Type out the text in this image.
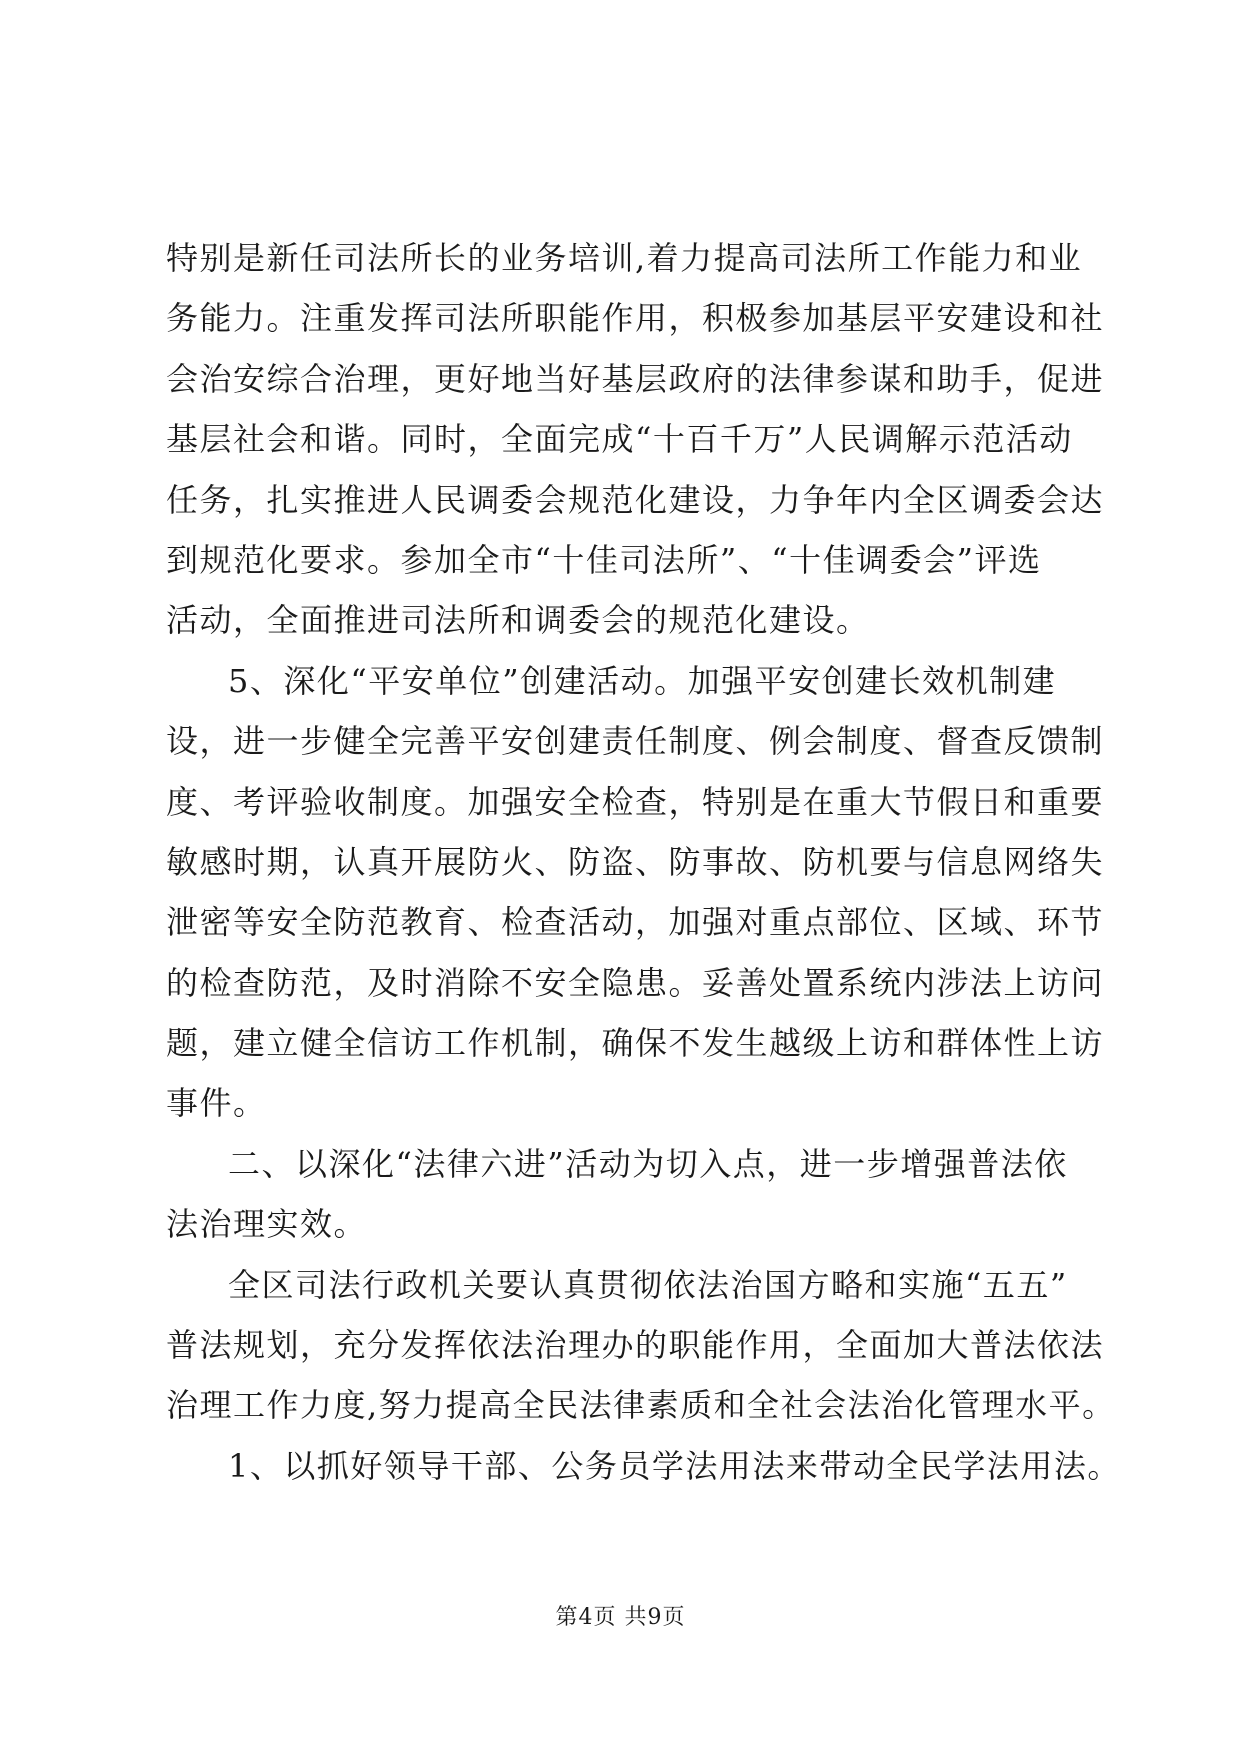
特别是新任司法所长的业务培训,着力提高司法所工作能力和业
务能力。注重发挥司法所职能作用，积极参加基层平安建设和社
会治安综合治理，更好地当好基层政府的法律参谋和助手，促进
基层社会和谐。同时，全面完成“十百千万”人民调解示范活动
任务，扎实推进人民调委会规范化建设，力争年内全区调委会达
到规范化要求。参加全市“十佳司法所”、“十佳调委会”评选
活动，全面推进司法所和调委会的规范化建设。
5、深化“平安单位”创建活动。加强平安创建长效机制建
设，进一步健全完善平安创建责任制度、例会制度、督查反馈制
度、考评验收制度。加强安全检查，特别是在重大节假日和重要
敏感时期，认真开展防火、防盗、防事故、防机要与信息网络失
泄密等安全防范教育、检查活动，加强对重点部位、区域、环节
的检查防范，及时消除不安全隐患。妥善处置系统内涉法上访问
题，建立健全信访工作机制，确保不发生越级上访和群体性上访
事件。
二、以深化“法律六进”活动为切入点，进一步增强普法依
法治理实效。
全区司法行政机关要认真贯彻依法治国方略和实施“五五”
普法规划，充分发挥依法治理办的职能作用，全面加大普法依法
治理工作力度,努力提高全民法律素质和全社会法治化管理水平。
1、以抓好领导干部、公务员学法用法来带动全民学法用法。
第4页 共9页
